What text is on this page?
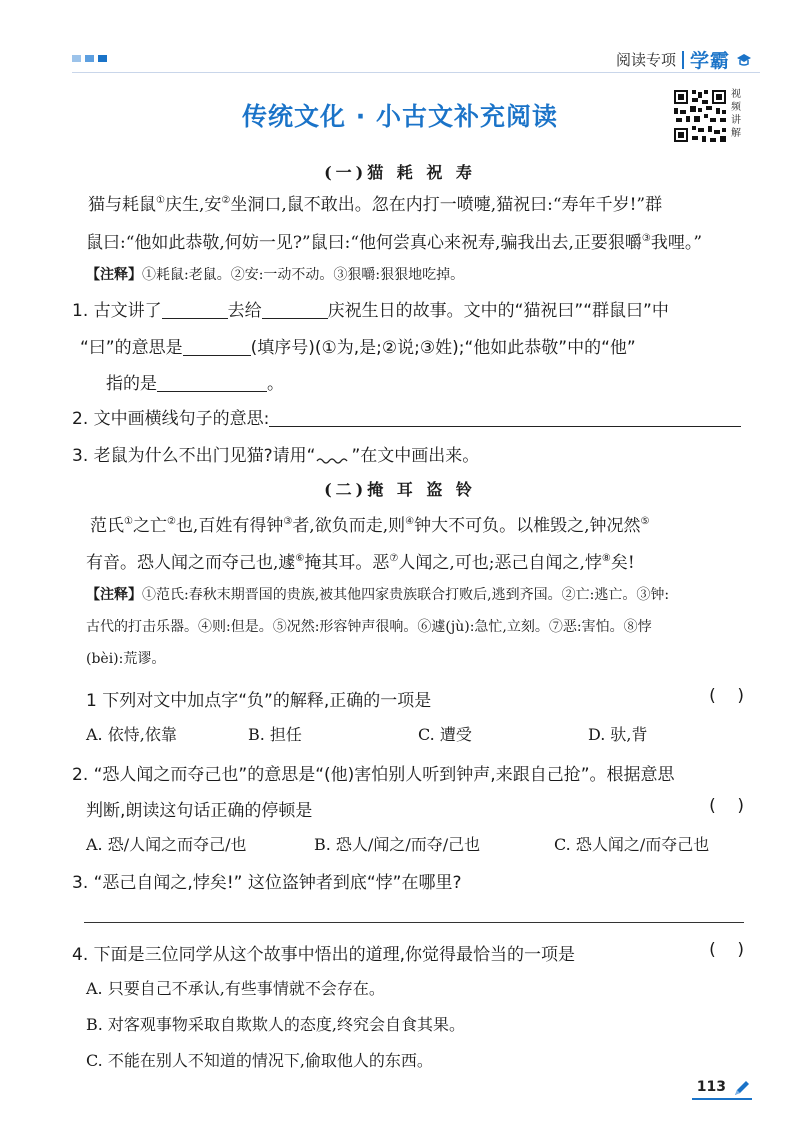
阅读专项 学霸
传统文化 · 小古文补充阅读
视频讲解
(一)猫 耗 祝 寿
猫与耗鼠①庆生,安②坐洞口,鼠不敢出。忽在内打一喷嚏,猫祝曰:“寿年千岁!”群
鼠曰:“他如此恭敬,何妨一见?”鼠曰:“他何尝真心来祝寿,骗我出去,正要狠嚼③我哩。”
【注释】①耗鼠:老鼠。②安:一动不动。③狠嚼:狠狠地吃掉。
1. 古文讲了	去给	庆祝生日的故事。文中的“猫祝曰”“群鼠曰”中
“曰”的意思是	(填序号)(①为,是;②说;③姓);“他如此恭敬”中的“他”
指的是	。
2. 文中画横线句子的意思:
3. 老鼠为什么不出门见猫?请用“ ”在文中画出来。
(二)掩 耳 盗 铃
范氏①之亡②也,百姓有得钟③者,欲负而走,则④钟大不可负。以椎毁之,钟况然⑤
有音。恐人闻之而夺己也,遽⑥掩其耳。恶⑦人闻之,可也;恶己自闻之,悖⑧矣!
【注释】①范氏:春秋末期晋国的贵族,被其他四家贵族联合打败后,逃到齐国。②亡:逃亡。③钟:
古代的打击乐器。④则:但是。⑤况然:形容钟声很响。⑥遽(jù):急忙,立刻。⑦恶:害怕。⑧悖
(bèi):荒谬。
1 下列对文中加点字“负”的解释,正确的一项是	(    )
A. 依恃,依靠	B. 担任	C. 遭受	D. 驮,背
2. “恐人闻之而夺己也”的意思是“(他)害怕别人听到钟声,来跟自己抢”。根据意思
判断,朗读这句话正确的停顿是	(    )
A. 恐/人闻之而夺己/也	B. 恐人/闻之/而夺/己也	C. 恐人闻之/而夺己也
3. “恶己自闻之,悖矣!” 这位盗钟者到底“悖”在哪里?
4. 下面是三位同学从这个故事中悟出的道理,你觉得最恰当的一项是	(    )
A. 只要自己不承认,有些事情就不会存在。
B. 对客观事物采取自欺欺人的态度,终究会自食其果。
C. 不能在别人不知道的情况下,偷取他人的东西。
113
